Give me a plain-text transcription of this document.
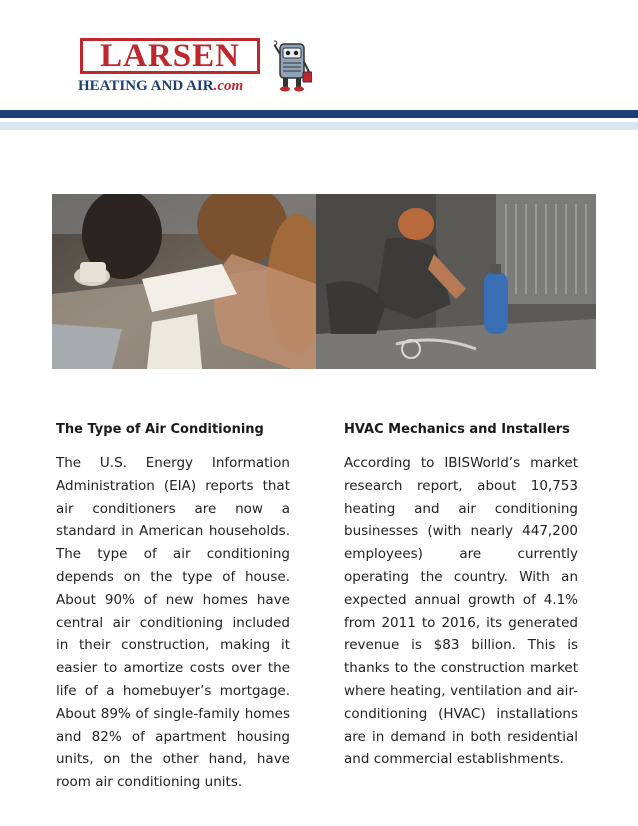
LARSEN
HEATING AND AIR.com
The Type of Air Conditioning	HVAC Mechanics and Installers

The U.S. Energy Information Administration (EIA) reports that air conditioners are now a standard in American households. The type of air conditioning depends on the type of house. About 90% of new homes have central air conditioning included in their construction, making it easier to amortize costs over the life of a homebuyer’s mortgage. About 89% of single-family homes and 82% of apartment housing units, on the other hand, have room air conditioning units.

According to IBISWorld’s market research report, about 10,753 heating and air conditioning businesses (with nearly 447,200 employees) are currently operating the country. With an expected annual growth of 4.1% from 2011 to 2016, its generated revenue is $83 billion. This is thanks to the construction market where heating, ventilation and air-conditioning (HVAC) installations are in demand in both residential and commercial establishments.
